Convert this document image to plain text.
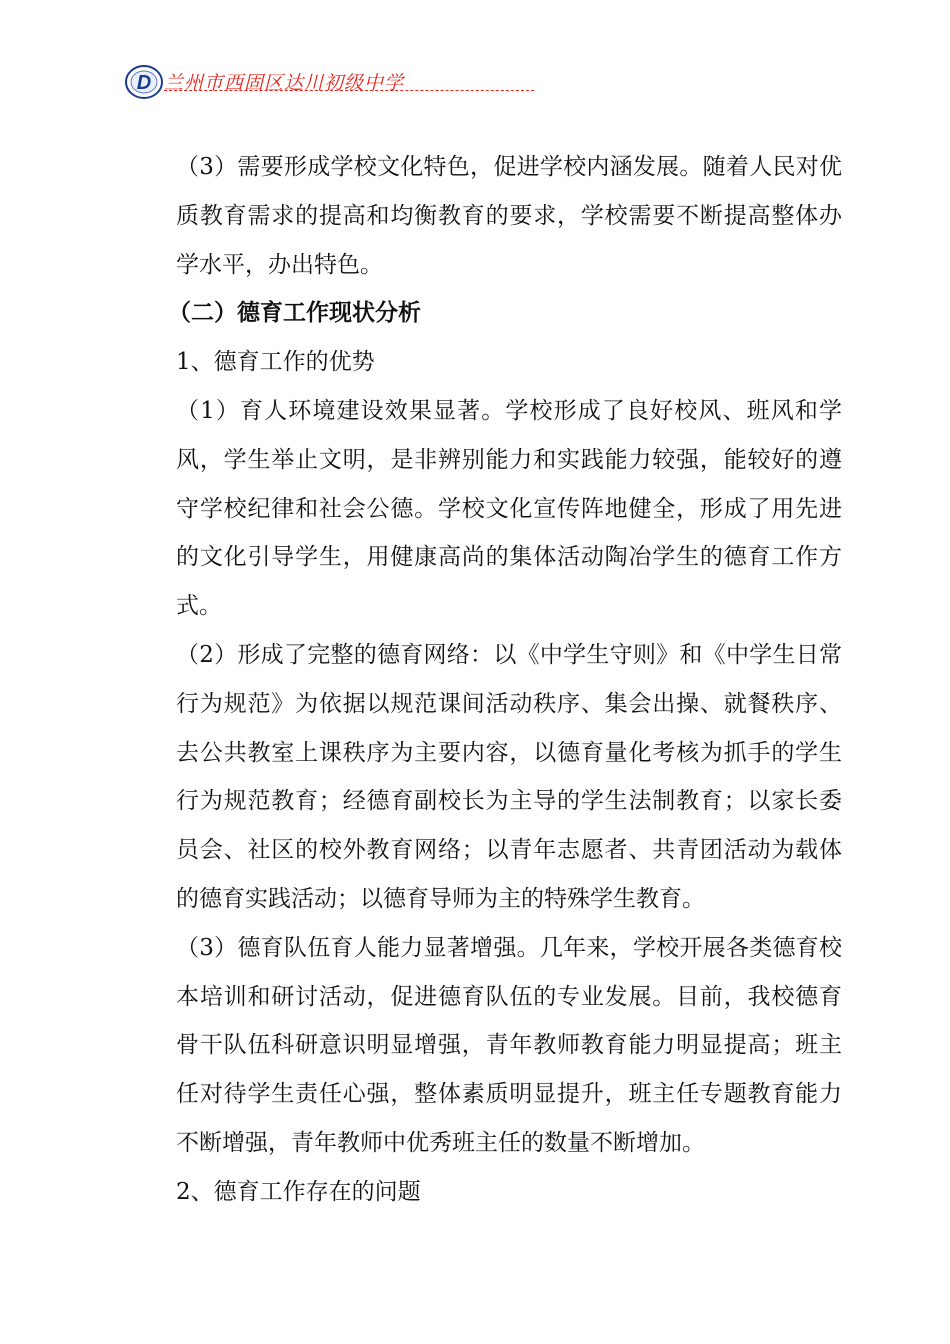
D 兰州市西固区达川初级中学

（3）需要形成学校文化特色，促进学校内涵发展。随着人民对优质教育需求的提高和均衡教育的要求，学校需要不断提高整体办学水平，办出特色。

（二）德育工作现状分析

1、德育工作的优势

（1）育人环境建设效果显著。学校形成了良好校风、班风和学风，学生举止文明，是非辨别能力和实践能力较强，能较好的遵守学校纪律和社会公德。学校文化宣传阵地健全，形成了用先进的文化引导学生，用健康高尚的集体活动陶冶学生的德育工作方式。

（2）形成了完整的德育网络：以《中学生守则》和《中学生日常行为规范》为依据以规范课间活动秩序、集会出操、就餐秩序、去公共教室上课秩序为主要内容，以德育量化考核为抓手的学生行为规范教育；经德育副校长为主导的学生法制教育；以家长委员会、社区的校外教育网络；以青年志愿者、共青团活动为载体的德育实践活动；以德育导师为主的特殊学生教育。

（3）德育队伍育人能力显著增强。几年来，学校开展各类德育校本培训和研讨活动，促进德育队伍的专业发展。目前，我校德育骨干队伍科研意识明显增强，青年教师教育能力明显提高；班主任对待学生责任心强，整体素质明显提升，班主任专题教育能力不断增强，青年教师中优秀班主任的数量不断增加。

2、德育工作存在的问题
